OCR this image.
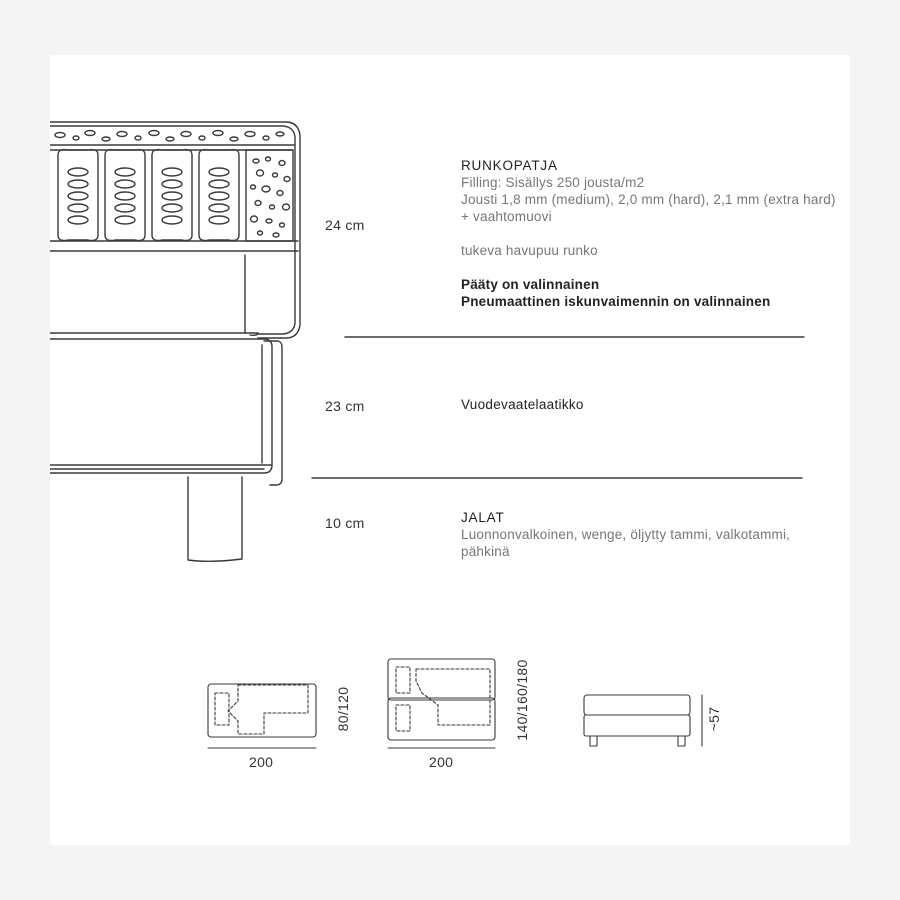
24 cm
RUNKOPATJA
Filling: Sisällys 250 jousta/m2
Jousti 1,8 mm (medium), 2,0 mm (hard), 2,1 mm (extra hard)
+ vaahtomuovi
tukeva havupuu runko
Pääty on valinnainen
Pneumaattinen iskunvaimennin on valinnainen
23 cm	Vuodevaatelaatikko
10 cm	JALAT
Luonnonvalkoinen, wenge, öljytty tammi, valkotammi,
pähkinä
200
80/120
200
140/160/180	~57
